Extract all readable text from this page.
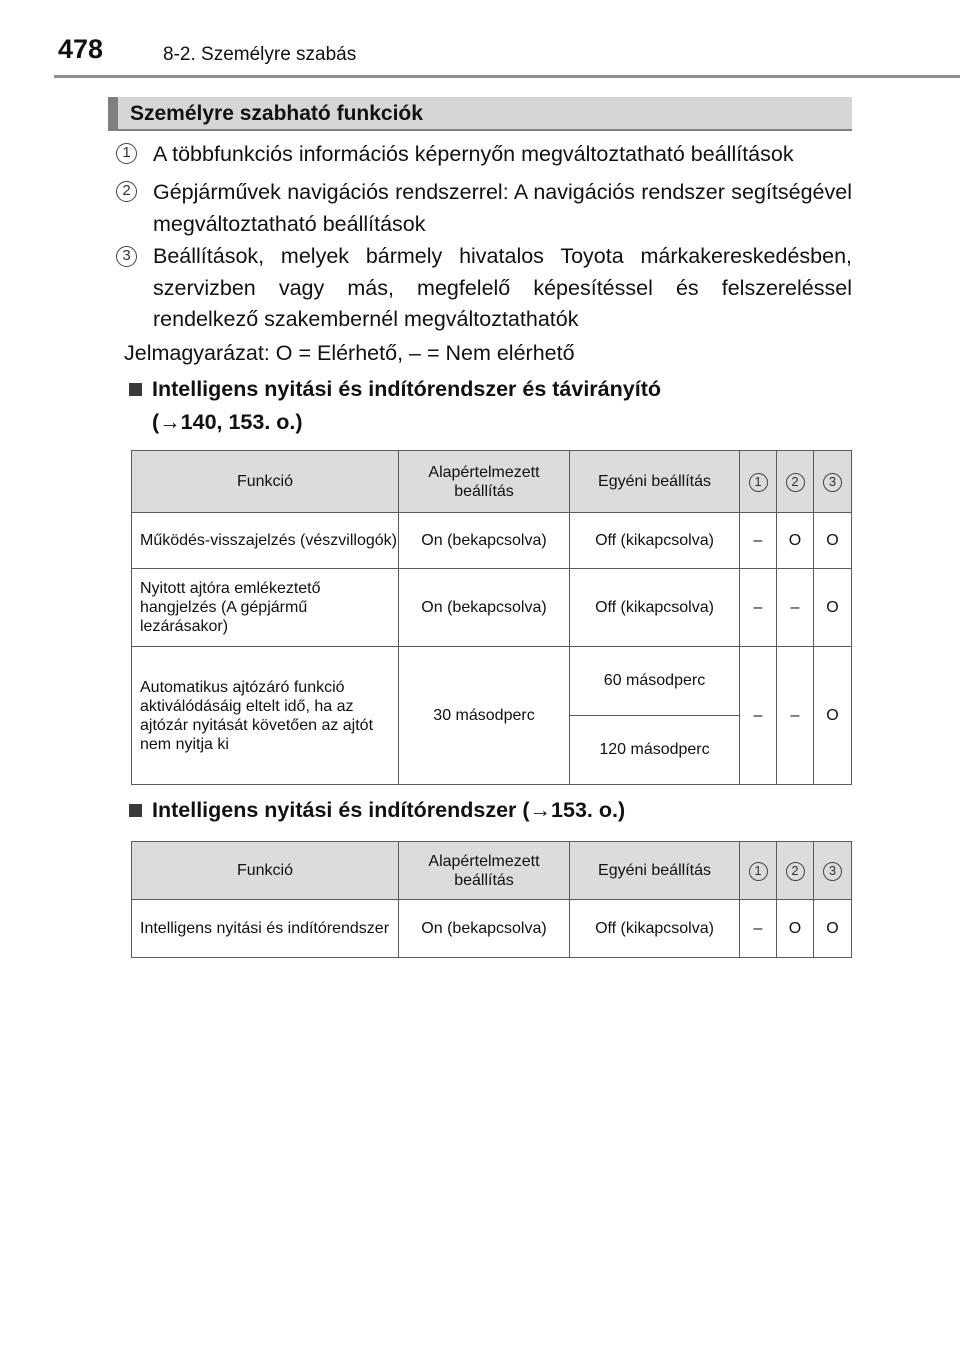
478	8-2. Személyre szabás
Személyre szabható funkciók
1 A többfunkciós információs képernyőn megváltoztatható beállítások
2 Gépjárművek navigációs rendszerrel: A navigációs rendszer segítségével megváltoztatható beállítások
3 Beállítások, melyek bármely hivatalos Toyota márkakereskedésben, szervizben vagy más, megfelelő képesítéssel és felszereléssel rendelkező szakembernél megváltoztathatók
Jelmagyarázat: O = Elérhető, – = Nem elérhető
Intelligens nyitási és indítórendszer és távirányító
(→140, 153. o.)
Funkció	Alapértelmezett beállítás	Egyéni beállítás	1	2	3
Működés-visszajelzés (vészvillogók)	On (bekapcsolva)	Off (kikapcsolva)	–	O	O
Nyitott ajtóra emlékeztető hangjelzés (A gépjármű lezárásakor)	On (bekapcsolva)	Off (kikapcsolva)	–	–	O
Automatikus ajtózáró funkció aktiválódásáig eltelt idő, ha az ajtózár nyitását követően az ajtót nem nyitja ki	30 másodperc	60 másodperc	–	–	O
		120 másodperc			
Intelligens nyitási és indítórendszer (→153. o.)
Funkció	Alapértelmezett beállítás	Egyéni beállítás	1	2	3
Intelligens nyitási és indítórendszer	On (bekapcsolva)	Off (kikapcsolva)	–	O	O
